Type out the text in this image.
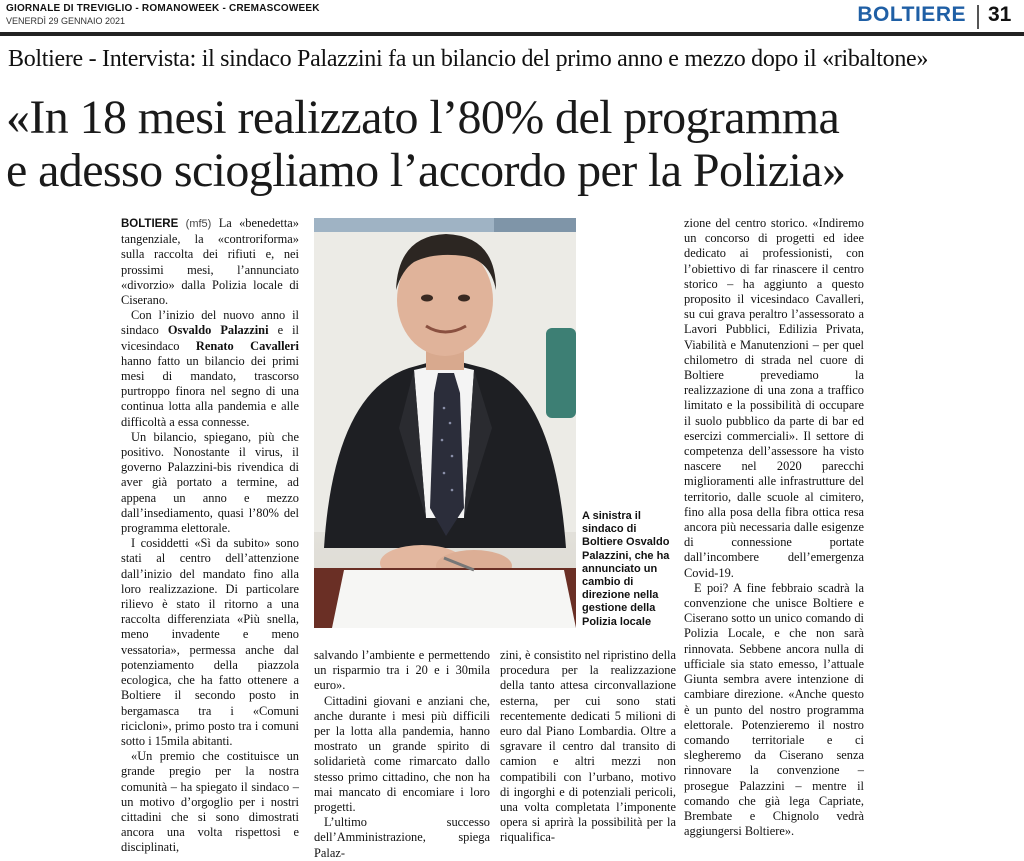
GIORNALE DI TREVIGLIO - ROMANOWEEK - CREMASCOWEEK
VENERDÌ 29 GENNAIO 2021	BOLTIERE 31
Boltiere - Intervista: il sindaco Palazzini fa un bilancio del primo anno e mezzo dopo il «ribaltone»
«In 18 mesi realizzato l’80% del programma
e adesso sciogliamo l’accordo per la Polizia»

BOLTIERE (mf5) La «benedetta» tangenziale, la «controriforma» sulla raccolta dei rifiuti e, nei prossimi mesi, l’annunciato «divorzio» dalla Polizia locale di Ciserano.

Con l’inizio del nuovo anno il sindaco Osvaldo Palazzini e il vicesindaco Renato Cavalleri hanno fatto un bilancio dei primi mesi di mandato, trascorso purtroppo finora nel segno di una continua lotta alla pandemia e alle difficoltà a essa connesse.

Un bilancio, spiegano, più che positivo. Nonostante il virus, il governo Palazzini-bis rivendica di aver già portato a termine, ad appena un anno e mezzo dall’insediamento, quasi l’80% del programma elettorale.

I cosiddetti «Sì da subito» sono stati al centro dell’attenzione dall’inizio del mandato fino alla loro realizzazione. Di particolare rilievo è stato il ritorno a una raccolta differenziata «Più snella, meno invadente e meno vessatoria», permessa anche dal potenziamento della piazzola ecologica, che ha fatto ottenere a Boltiere il secondo posto in bergamasca tra i «Comuni ricicloni», primo posto tra i comuni sotto i 15mila abitanti.

«Un premio che costituisce un grande pregio per la nostra comunità – ha spiegato il sindaco – un motivo d’orgoglio per i nostri cittadini che si sono dimostrati ancora una volta rispettosi e disciplinati,

A sinistra il sindaco di Boltiere Osvaldo Palazzini, che ha annunciato un cambio di direzione nella gestione della Polizia locale

salvando l’ambiente e permettendo un risparmio tra i 20 e i 30mila euro».

Cittadini giovani e anziani che, anche durante i mesi più difficili per la lotta alla pandemia, hanno mostrato un grande spirito di solidarietà come rimarcato dallo stesso primo cittadino, che non ha mai mancato di encomiare i loro progetti.

L’ultimo successo dell’Amministrazione, spiega Palaz-

zini, è consistito nel ripristino della procedura per la realizzazione della tanto attesa circonvallazione esterna, per cui sono stati recentemente dedicati 5 milioni di euro dal Piano Lombardia. Oltre a sgravare il centro dal transito di camion e altri mezzi non compatibili con l’urbano, motivo di ingorghi e di potenziali pericoli, una volta completata l’imponente opera si aprirà la possibilità per la riqualifica-

zione del centro storico. «Indiremo un concorso di progetti ed idee dedicato ai professionisti, con l’obiettivo di far rinascere il centro storico – ha aggiunto a questo proposito il vicesindaco Cavalleri, su cui grava peraltro l’assessorato a Lavori Pubblici, Edilizia Privata, Viabilità e Manutenzioni – per quel chilometro di strada nel cuore di Boltiere prevediamo la realizzazione di una zona a traffico limitato e la possibilità di occupare il suolo pubblico da parte di bar ed esercizi commerciali». Il settore di competenza dell’assessore ha visto nascere nel 2020 parecchi miglioramenti alle infrastrutture del territorio, dalle scuole al cimitero, fino alla posa della fibra ottica resa ancora più necessaria dalle esigenze di connessione portate dall’incombere dell’emergenza Covid-19.

E poi? A fine febbraio scadrà la convenzione che unisce Boltiere e Ciserano sotto un unico comando di Polizia Locale, e che non sarà rinnovata. Sebbene ancora nulla di ufficiale sia stato emesso, l’attuale Giunta sembra avere intenzione di cambiare direzione. «Anche questo è un punto del nostro programma elettorale. Potenzieremo il nostro comando territoriale e ci slegheremo da Ciserano senza rinnovare la convenzione – prosegue Palazzini – mentre il comando che già lega Capriate, Brembate e Chignolo vedrà aggiungersi Boltiere».
